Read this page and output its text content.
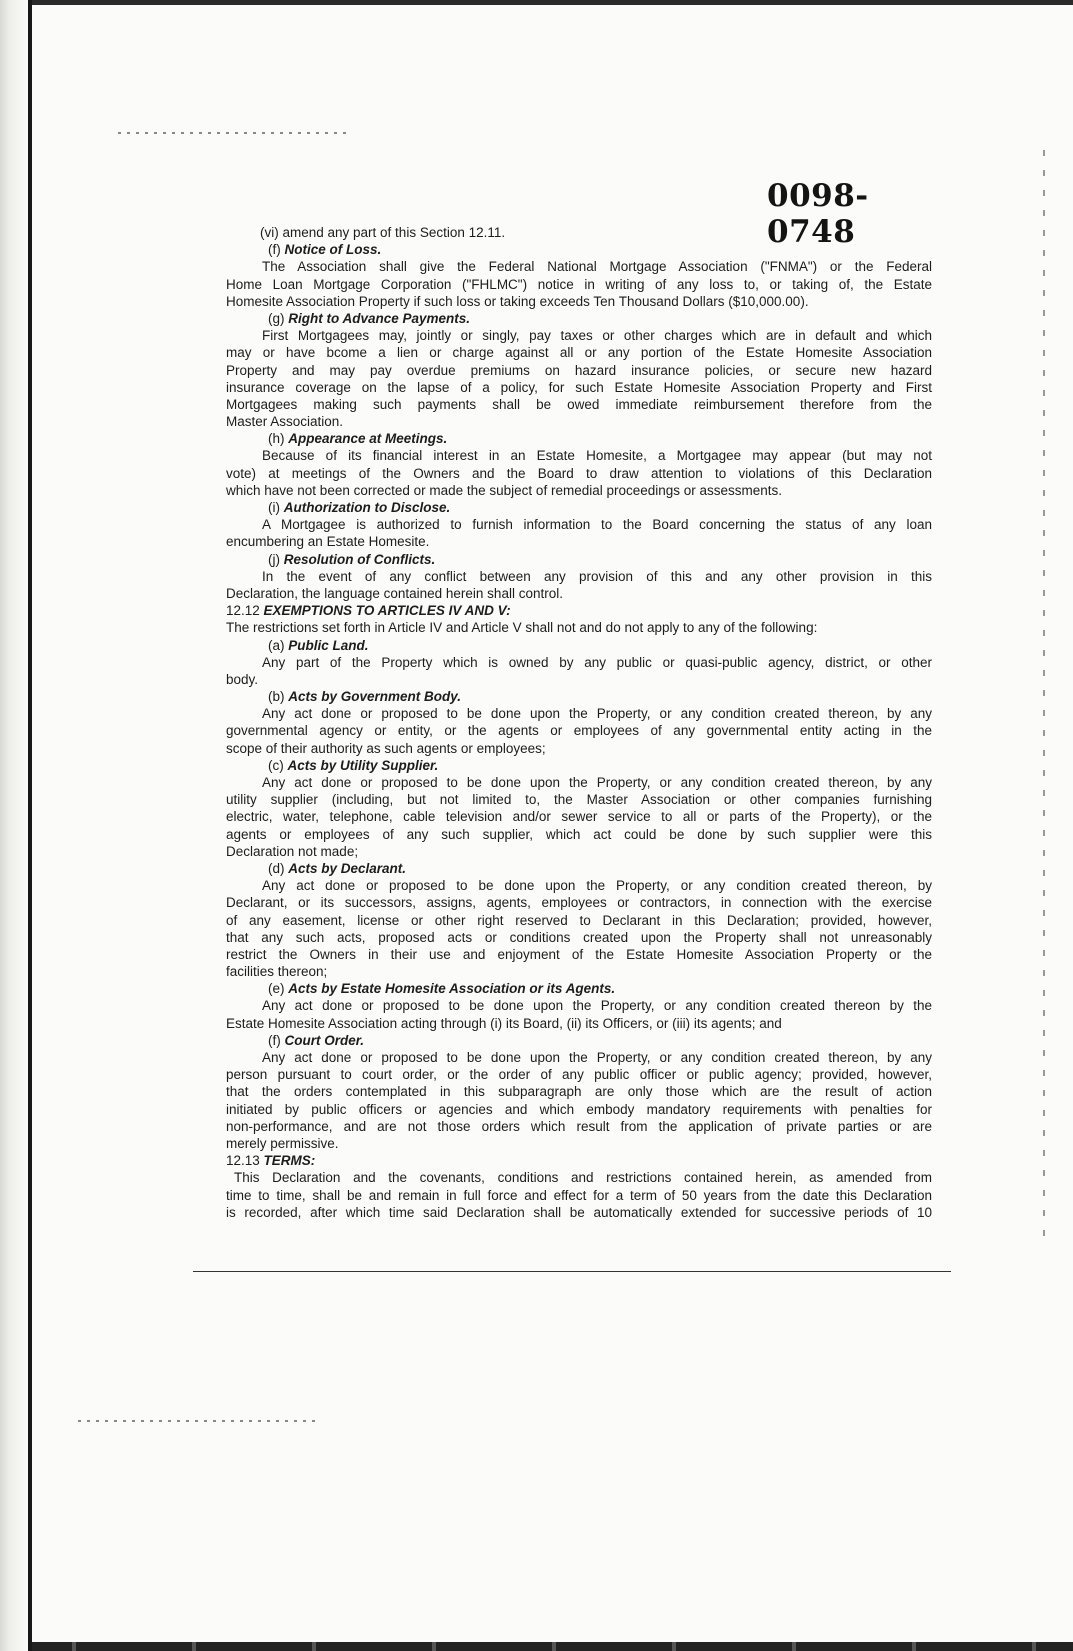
0098-0748
(vi) amend any part of this Section 12.11.
(f) Notice of Loss.
The Association shall give the Federal National Mortgage Association ("FNMA") or the Federal
Home Loan Mortgage Corporation ("FHLMC") notice in writing of any loss to, or taking of, the Estate
Homesite Association Property if such loss or taking exceeds Ten Thousand Dollars ($10,000.00).
(g) Right to Advance Payments.
First Mortgagees may, jointly or singly, pay taxes or other charges which are in default and which
may or have bcome a lien or charge against all or any portion of the Estate Homesite Association
Property and may pay overdue premiums on hazard insurance policies, or secure new hazard
insurance coverage on the lapse of a policy, for such Estate Homesite Association Property and First
Mortgagees making such payments shall be owed immediate reimbursement therefore from the
Master Association.
(h) Appearance at Meetings.
Because of its financial interest in an Estate Homesite, a Mortgagee may appear (but may not
vote) at meetings of the Owners and the Board to draw attention to violations of this Declaration
which have not been corrected or made the subject of remedial proceedings or assessments.
(i) Authorization to Disclose.
A Mortgagee is authorized to furnish information to the Board concerning the status of any loan
encumbering an Estate Homesite.
(j) Resolution of Conflicts.
In the event of any conflict between any provision of this and any other provision in this
Declaration, the language contained herein shall control.
12.12 EXEMPTIONS TO ARTICLES IV AND V:
The restrictions set forth in Article IV and Article V shall not and do not apply to any of the following:
(a) Public Land.
Any part of the Property which is owned by any public or quasi-public agency, district, or other
body.
(b) Acts by Government Body.
Any act done or proposed to be done upon the Property, or any condition created thereon, by any
governmental agency or entity, or the agents or employees of any governmental entity acting in the
scope of their authority as such agents or employees;
(c) Acts by Utility Supplier.
Any act done or proposed to be done upon the Property, or any condition created thereon, by any
utility supplier (including, but not limited to, the Master Association or other companies furnishing
electric, water, telephone, cable television and/or sewer service to all or parts of the Property), or the
agents or employees of any such supplier, which act could be done by such supplier were this
Declaration not made;
(d) Acts by Declarant.
Any act done or proposed to be done upon the Property, or any condition created thereon, by
Declarant, or its successors, assigns, agents, employees or contractors, in connection with the exercise
of any easement, license or other right reserved to Declarant in this Declaration; provided, however,
that any such acts, proposed acts or conditions created upon the Property shall not unreasonably
restrict the Owners in their use and enjoyment of the Estate Homesite Association Property or the
facilities thereon;
(e) Acts by Estate Homesite Association or its Agents.
Any act done or proposed to be done upon the Property, or any condition created thereon by the
Estate Homesite Association acting through (i) its Board, (ii) its Officers, or (iii) its agents; and
(f) Court Order.
Any act done or proposed to be done upon the Property, or any condition created thereon, by any
person pursuant to court order, or the order of any public officer or public agency; provided, however,
that the orders contemplated in this subparagraph are only those which are the result of action
initiated by public officers or agencies and which embody mandatory requirements with penalties for
non-performance, and are not those orders which result from the application of private parties or are
merely permissive.
12.13 TERMS:
This Declaration and the covenants, conditions and restrictions contained herein, as amended from
time to time, shall be and remain in full force and effect for a term of 50 years from the date this Declaration
is recorded, after which time said Declaration shall be automatically extended for successive periods of 10
